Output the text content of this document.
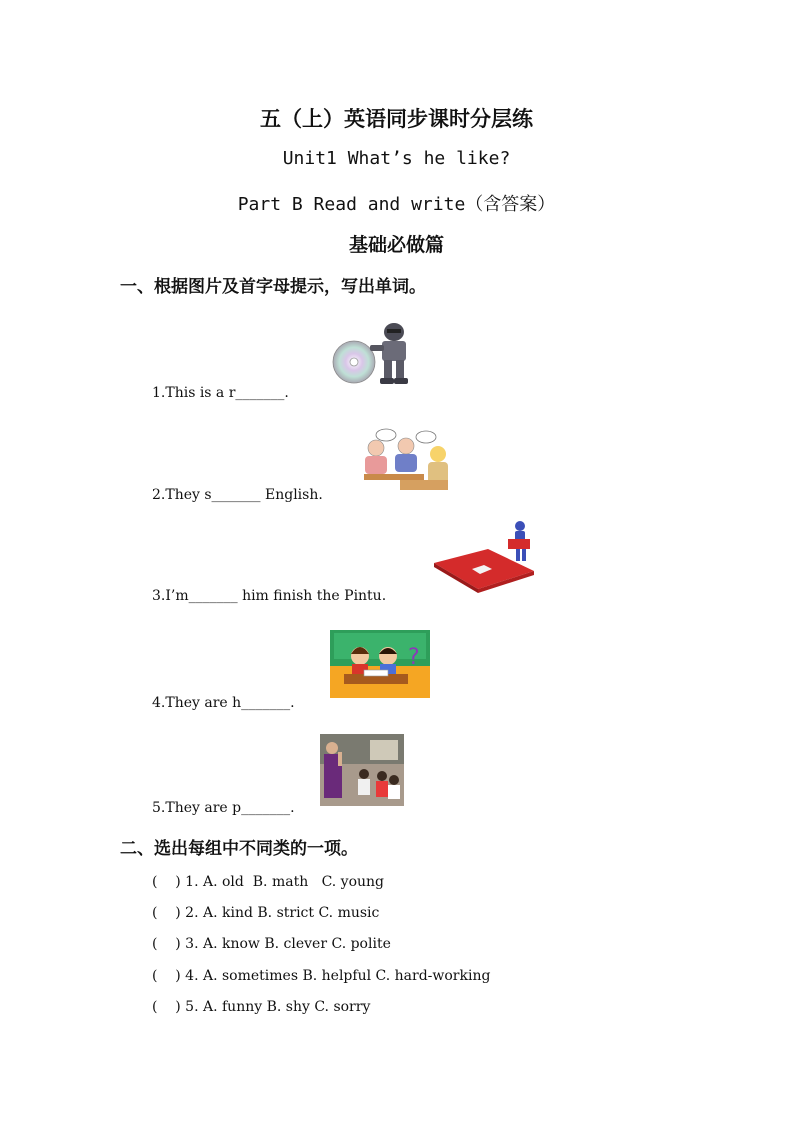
五（上）英语同步课时分层练
Unit1 What’s he like?
Part B Read and write（含答案）
基础必做篇
一、根据图片及首字母提示，写出单词。
1.This is a r_______.
2.They s_______ English.
3.I’m_______ him finish the Pintu.
?
4.They are h_______.
5.They are p_______.
二、选出每组中不同类的一项。
(    ) 1. A. old  B. math   C. young
(    ) 2. A. kind B. strict C. music
(    ) 3. A. know B. clever C. polite
(    ) 4. A. sometimes B. helpful C. hard-working
(    ) 5. A. funny B. shy C. sorry
